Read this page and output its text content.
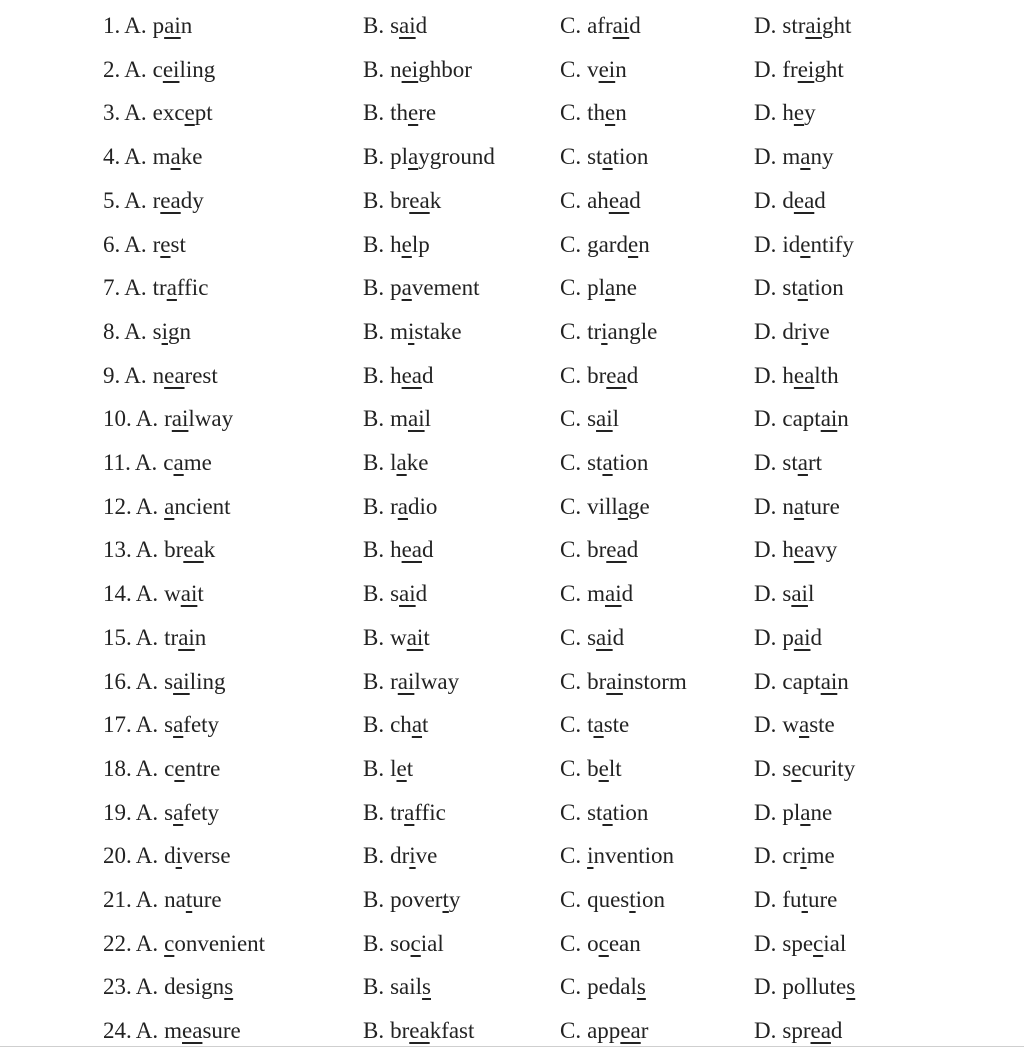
1. A. pain	B. said	C. afraid	D. straight
2. A. ceiling	B. neighbor	C. vein	D. freight
3. A. except	B. there	C. then	D. hey
4. A. make	B. playground	C. station	D. many
5. A. ready	B. break	C. ahead	D. dead
6. A. rest	B. help	C. garden	D. identify
7. A. traffic	B. pavement	C. plane	D. station
8. A. sign	B. mistake	C. triangle	D. drive
9. A. nearest	B. head	C. bread	D. health
10. A. railway	B. mail	C. sail	D. captain
11. A. came	B. lake	C. station	D. start
12. A. ancient	B. radio	C. village	D. nature
13. A. break	B. head	C. bread	D. heavy
14. A. wait	B. said	C. maid	D. sail
15. A. train	B. wait	C. said	D. paid
16. A. sailing	B. railway	C. brainstorm	D. captain
17. A. safety	B. chat	C. taste	D. waste
18. A. centre	B. let	C. belt	D. security
19. A. safety	B. traffic	C. station	D. plane
20. A. diverse	B. drive	C. invention	D. crime
21. A. nature	B. poverty	C. question	D. future
22. A. convenient	B. social	C. ocean	D. special
23. A. designs	B. sails	C. pedals	D. pollutes
24. A. measure	B. breakfast	C. appear	D. spread
